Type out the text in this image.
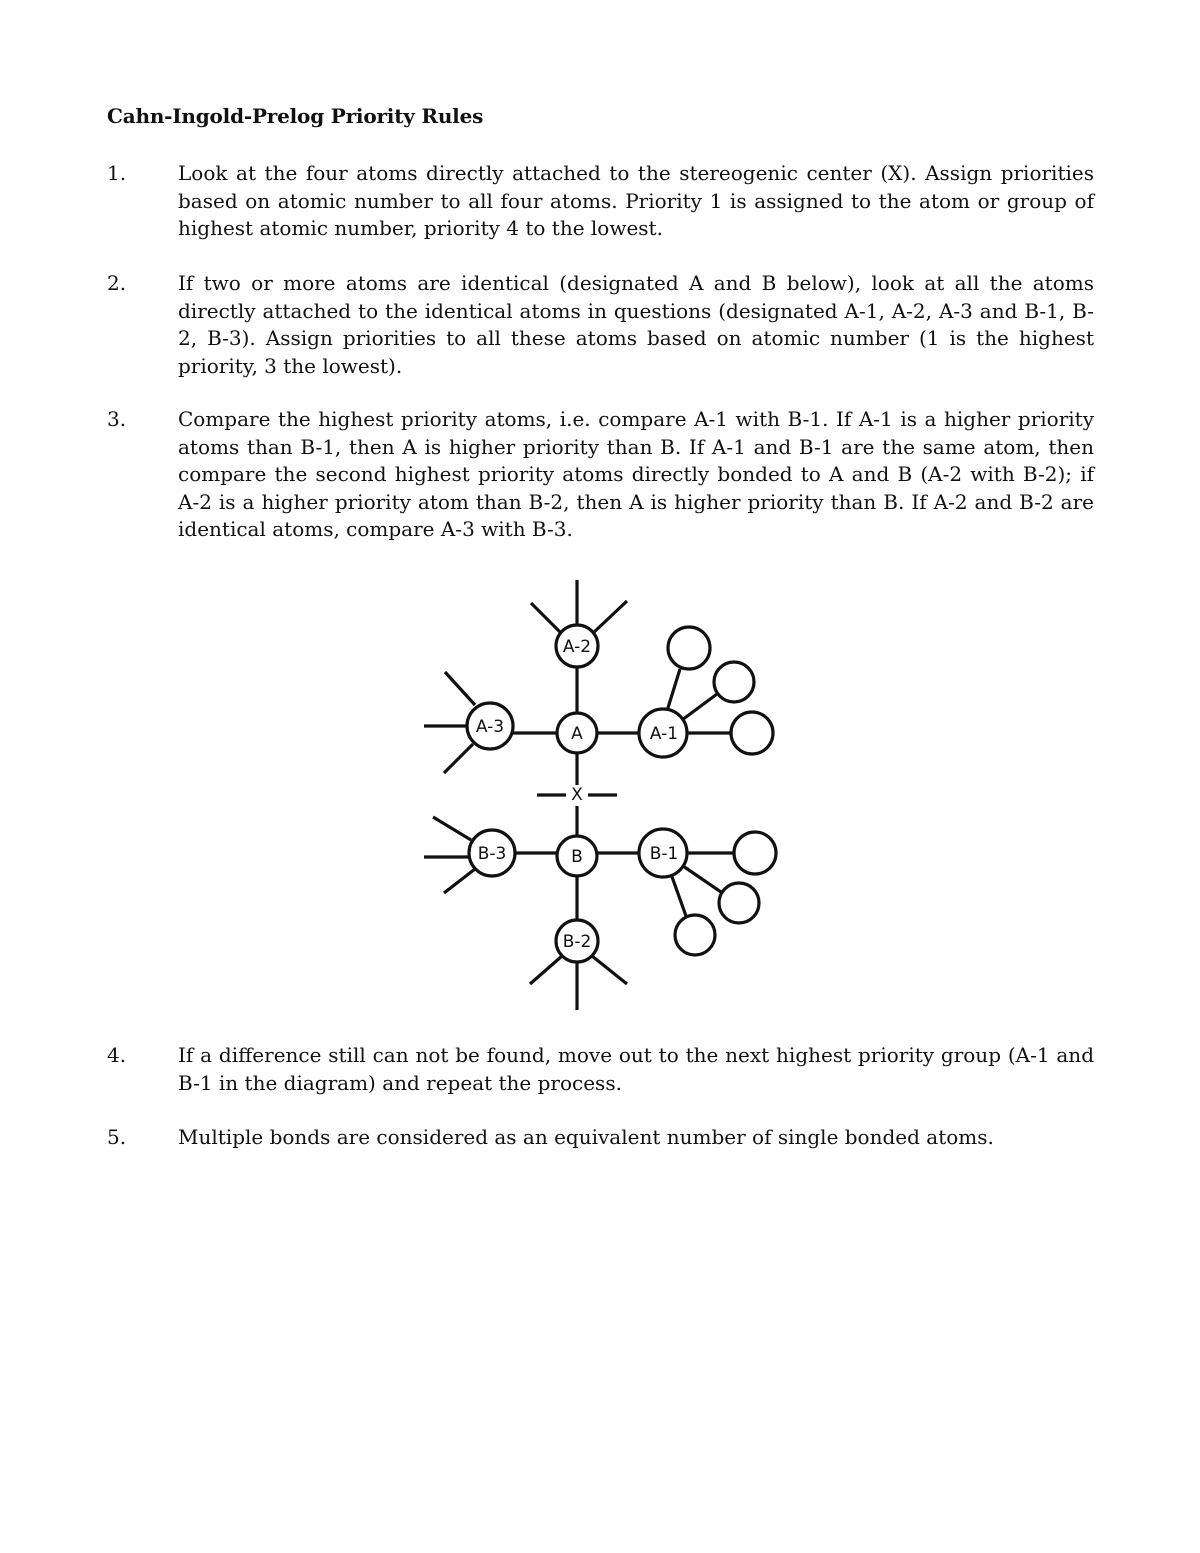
Cahn-Ingold-Prelog Priority Rules
1.	Look at the four atoms directly attached to the stereogenic center (X). Assign priorities based on atomic number to all four atoms. Priority 1 is assigned to the atom or group of highest atomic number, priority 4 to the lowest.
2.	If two or more atoms are identical (designated A and B below), look at all the atoms directly attached to the identical atoms in questions (designated A-1, A-2, A-3 and B-1, B-2, B-3). Assign priorities to all these atoms based on atomic number (1 is the highest priority, 3 the lowest).
3.	Compare the highest priority atoms, i.e. compare A-1 with B-1. If A-1 is a higher priority atoms than B-1, then A is higher priority than B. If A-1 and B-1 are the same atom, then compare the second highest priority atoms directly bonded to A and B (A-2 with B-2); if A-2 is a higher priority atom than B-2, then A is higher priority than B. If A-2 and B-2 are identical atoms, compare A-3 with B-3.
A-2
A
A-3	A-1
X
B
B-3	B-1
B-2
4.	If a difference still can not be found, move out to the next highest priority group (A-1 and B-1 in the diagram) and repeat the process.
5.	Multiple bonds are considered as an equivalent number of single bonded atoms.
